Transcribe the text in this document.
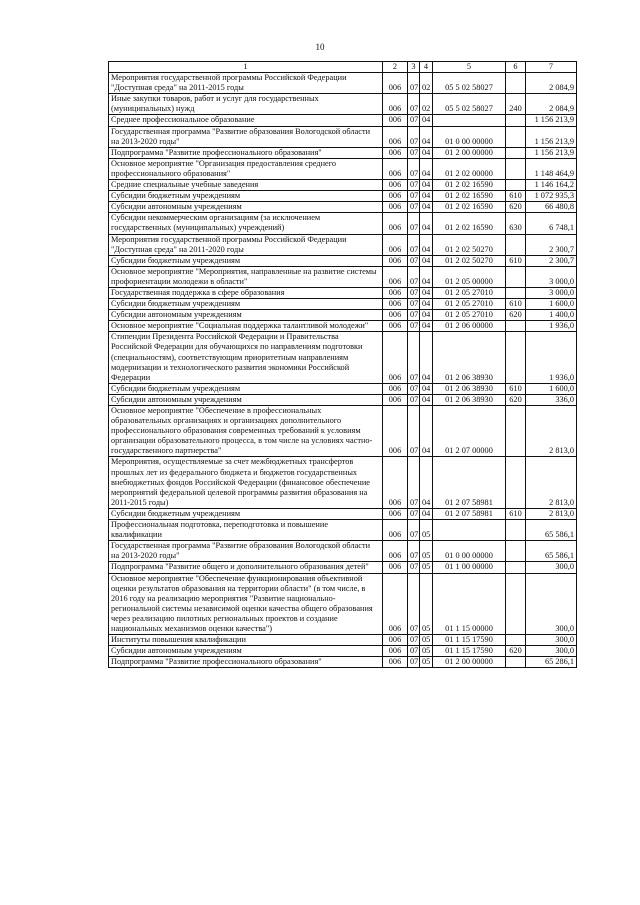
10
1	2	3	4	5	6	7
Мероприятия государственной программы Российской Федерации "Доступная среда" на 2011-2015 годы	006	07	02	05 5 02 58027		2 084,9
Иные закупки товаров, работ и услуг для государственных (муниципальных) нужд	006	07	02	05 5 02 58027	240	2 084,9
Среднее профессиональное образование	006	07	04			1 156 213,9
Государственная программа "Развитие образования Вологодской области на 2013-2020 годы"	006	07	04	01 0 00 00000		1 156 213,9
Подпрограмма "Развитие профессионального образования"	006	07	04	01 2 00 00000		1 156 213,9
Основное мероприятие "Организация предоставления среднего профессионального образования"	006	07	04	01 2 02 00000		1 148 464,9
Средние специальные учебные заведения	006	07	04	01 2 02 16590		1 146 164,2
Субсидии бюджетным учреждениям	006	07	04	01 2 02 16590	610	1 072 935,3
Субсидии автономным учреждениям	006	07	04	01 2 02 16590	620	66 480,8
Субсидии некоммерческим организациям (за исключением государственных (муниципальных) учреждений)	006	07	04	01 2 02 16590	630	6 748,1
Мероприятия государственной программы Российской Федерации "Доступная среда" на 2011-2020 годы	006	07	04	01 2 02 50270		2 300,7
Субсидии бюджетным учреждениям	006	07	04	01 2 02 50270	610	2 300,7
Основное мероприятие "Мероприятия, направленные на развитие системы профориентации молодежи в области"	006	07	04	01 2 05 00000		3 000,0
Государственная поддержка в сфере образования	006	07	04	01 2 05 27010		3 000,0
Субсидии бюджетным учреждениям	006	07	04	01 2 05 27010	610	1 600,0
Субсидии автономным учреждениям	006	07	04	01 2 05 27010	620	1 400,0
Основное мероприятие "Социальная поддержка талантливой молодежи"	006	07	04	01 2 06 00000		1 936,0
Стипендии Президента Российской Федерации и Правительства Российской Федерации для обучающихся по направлениям подготовки (специальностям), соответствующим приоритетным направлениям модернизации и технологического развития экономики Российской Федерации	006	07	04	01 2 06 38930		1 936,0
Субсидии бюджетным учреждениям	006	07	04	01 2 06 38930	610	1 600,0
Субсидии автономным учреждениям	006	07	04	01 2 06 38930	620	336,0
Основное мероприятие "Обеспечение в профессиональных образовательных организациях и организациях дополнительного профессионального образования современных требований к условиям организации образовательного процесса, в том числе на условиях частно-государственного партнерства"	006	07	04	01 2 07 00000		2 813,0
Мероприятия, осуществляемые за счет межбюджетных трансфертов прошлых лет из федерального бюджета и бюджетов государственных внебюджетных фондов Российской Федерации (финансовое обеспечение мероприятий федеральной целевой программы развития образования на 2011-2015 годы)	006	07	04	01 2 07 58981		2 813,0
Субсидии бюджетным учреждениям	006	07	04	01 2 07 58981	610	2 813,0
Профессиональная подготовка, переподготовка и повышение квалификации	006	07	05			65 586,1
Государственная программа "Развитие образования Вологодской области на 2013-2020 годы"	006	07	05	01 0 00 00000		65 586,1
Подпрограмма "Развитие общего и дополнительного образования детей"	006	07	05	01 1 00 00000		300,0
Основное мероприятие "Обеспечение функционирования объективной оценки результатов образования на территории области" (в том числе, в 2016 году на реализацию мероприятия "Развитие национально-региональной системы независимой оценки качества общего образования через реализацию пилотных региональных проектов и создание национальных механизмов оценки качества")	006	07	05	01 1 15 00000		300,0
Институты повышения квалификации	006	07	05	01 1 15 17590		300,0
Субсидии автономным учреждениям	006	07	05	01 1 15 17590	620	300,0
Подпрограмма "Развитие профессионального образования"	006	07	05	01 2 00 00000		65 286,1
